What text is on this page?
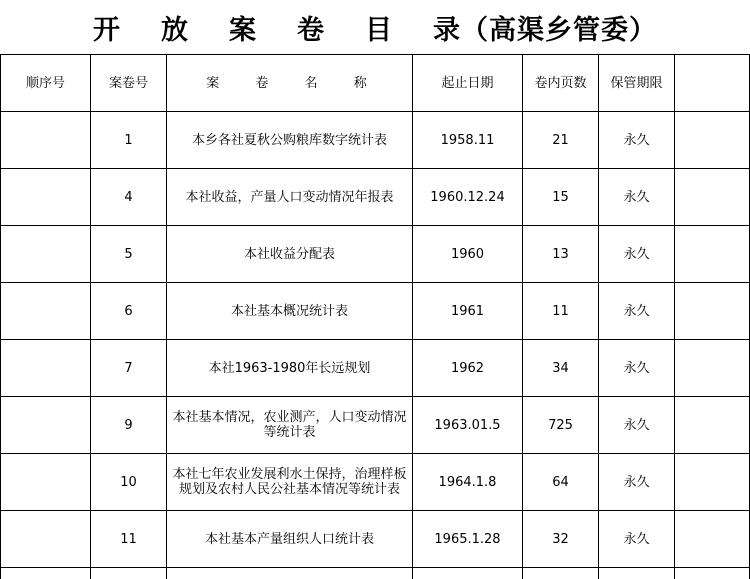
开 放 案 卷 目 录（高渠乡管委）
顺序号	案卷号	案 卷 名 称	起止日期	卷内页数	保管期限	
	1	本乡各社夏秋公购粮库数字统计表	1958.11	21	永久	
	4	本社收益，产量人口变动情况年报表	1960.12.24	15	永久	
	5	本社收益分配表	1960	13	永久	
	6	本社基本概况统计表	1961	11	永久	
	7	本社1963-1980年长远规划	1962	34	永久	
	9	本社基本情况，农业测产，人口变动情况等统计表	1963.01.5	725	永久	
	10	本社七年农业发展利水土保持，治理样板规划及农村人民公社基本情况等统计表	1964.1.8	64	永久	
	11	本社基本产量组织人口统计表	1965.1.28	32	永久	
